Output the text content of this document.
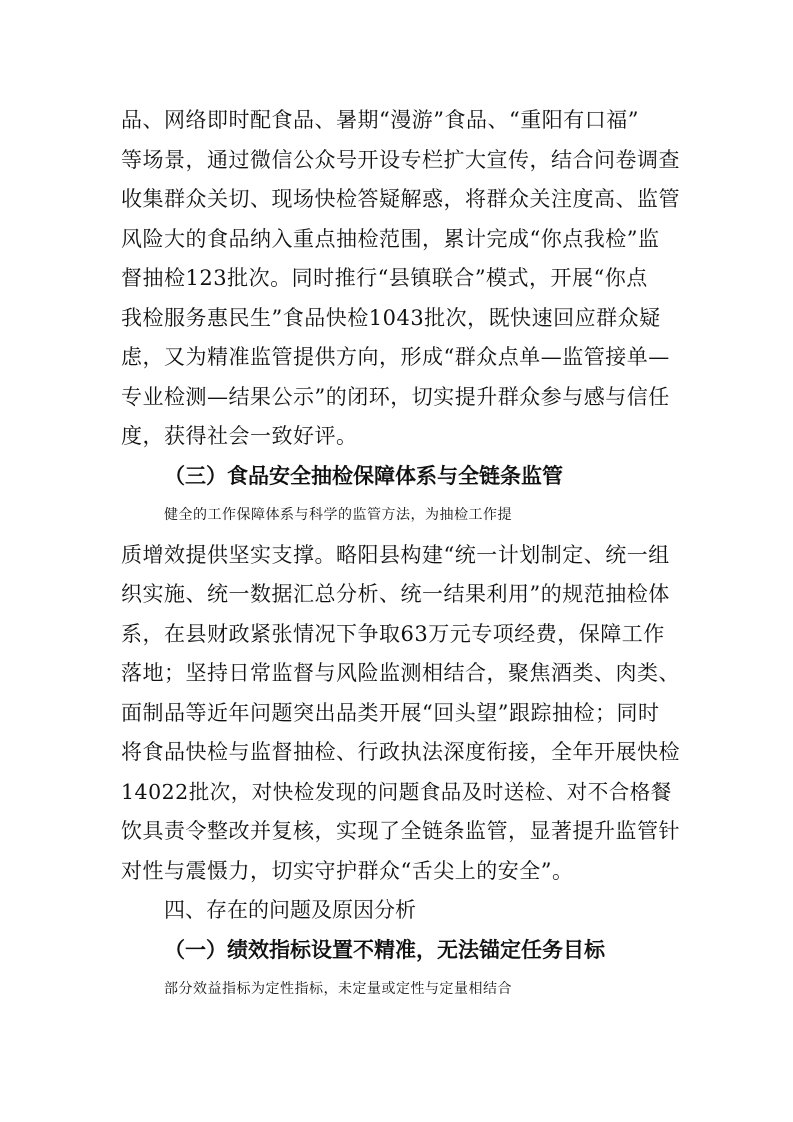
品、网络即时配食品、暑期“漫游”食品、“重阳有口福”
等场景，通过微信公众号开设专栏扩大宣传，结合问卷调查
收集群众关切、现场快检答疑解惑，将群众关注度高、监管
风险大的食品纳入重点抽检范围，累计完成“你点我检”监
督抽检123批次。同时推行“县镇联合”模式，开展“你点
我检服务惠民生”食品快检1043批次，既快速回应群众疑
虑，又为精准监管提供方向，形成“群众点单—监管接单—
专业检测—结果公示”的闭环，切实提升群众参与感与信任
度，获得社会一致好评。
（三）食品安全抽检保障体系与全链条监管
健全的工作保障体系与科学的监管方法，为抽检工作提
质增效提供坚实支撑。略阳县构建“统一计划制定、统一组
织实施、统一数据汇总分析、统一结果利用”的规范抽检体
系，在县财政紧张情况下争取63万元专项经费，保障工作
落地；坚持日常监督与风险监测相结合，聚焦酒类、肉类、
面制品等近年问题突出品类开展“回头望”跟踪抽检；同时
将食品快检与监督抽检、行政执法深度衔接，全年开展快检
14022批次，对快检发现的问题食品及时送检、对不合格餐
饮具责令整改并复核，实现了全链条监管，显著提升监管针
对性与震慑力，切实守护群众“舌尖上的安全”。
四、存在的问题及原因分析
（一）绩效指标设置不精准，无法锚定任务目标
部分效益指标为定性指标，未定量或定性与定量相结合
